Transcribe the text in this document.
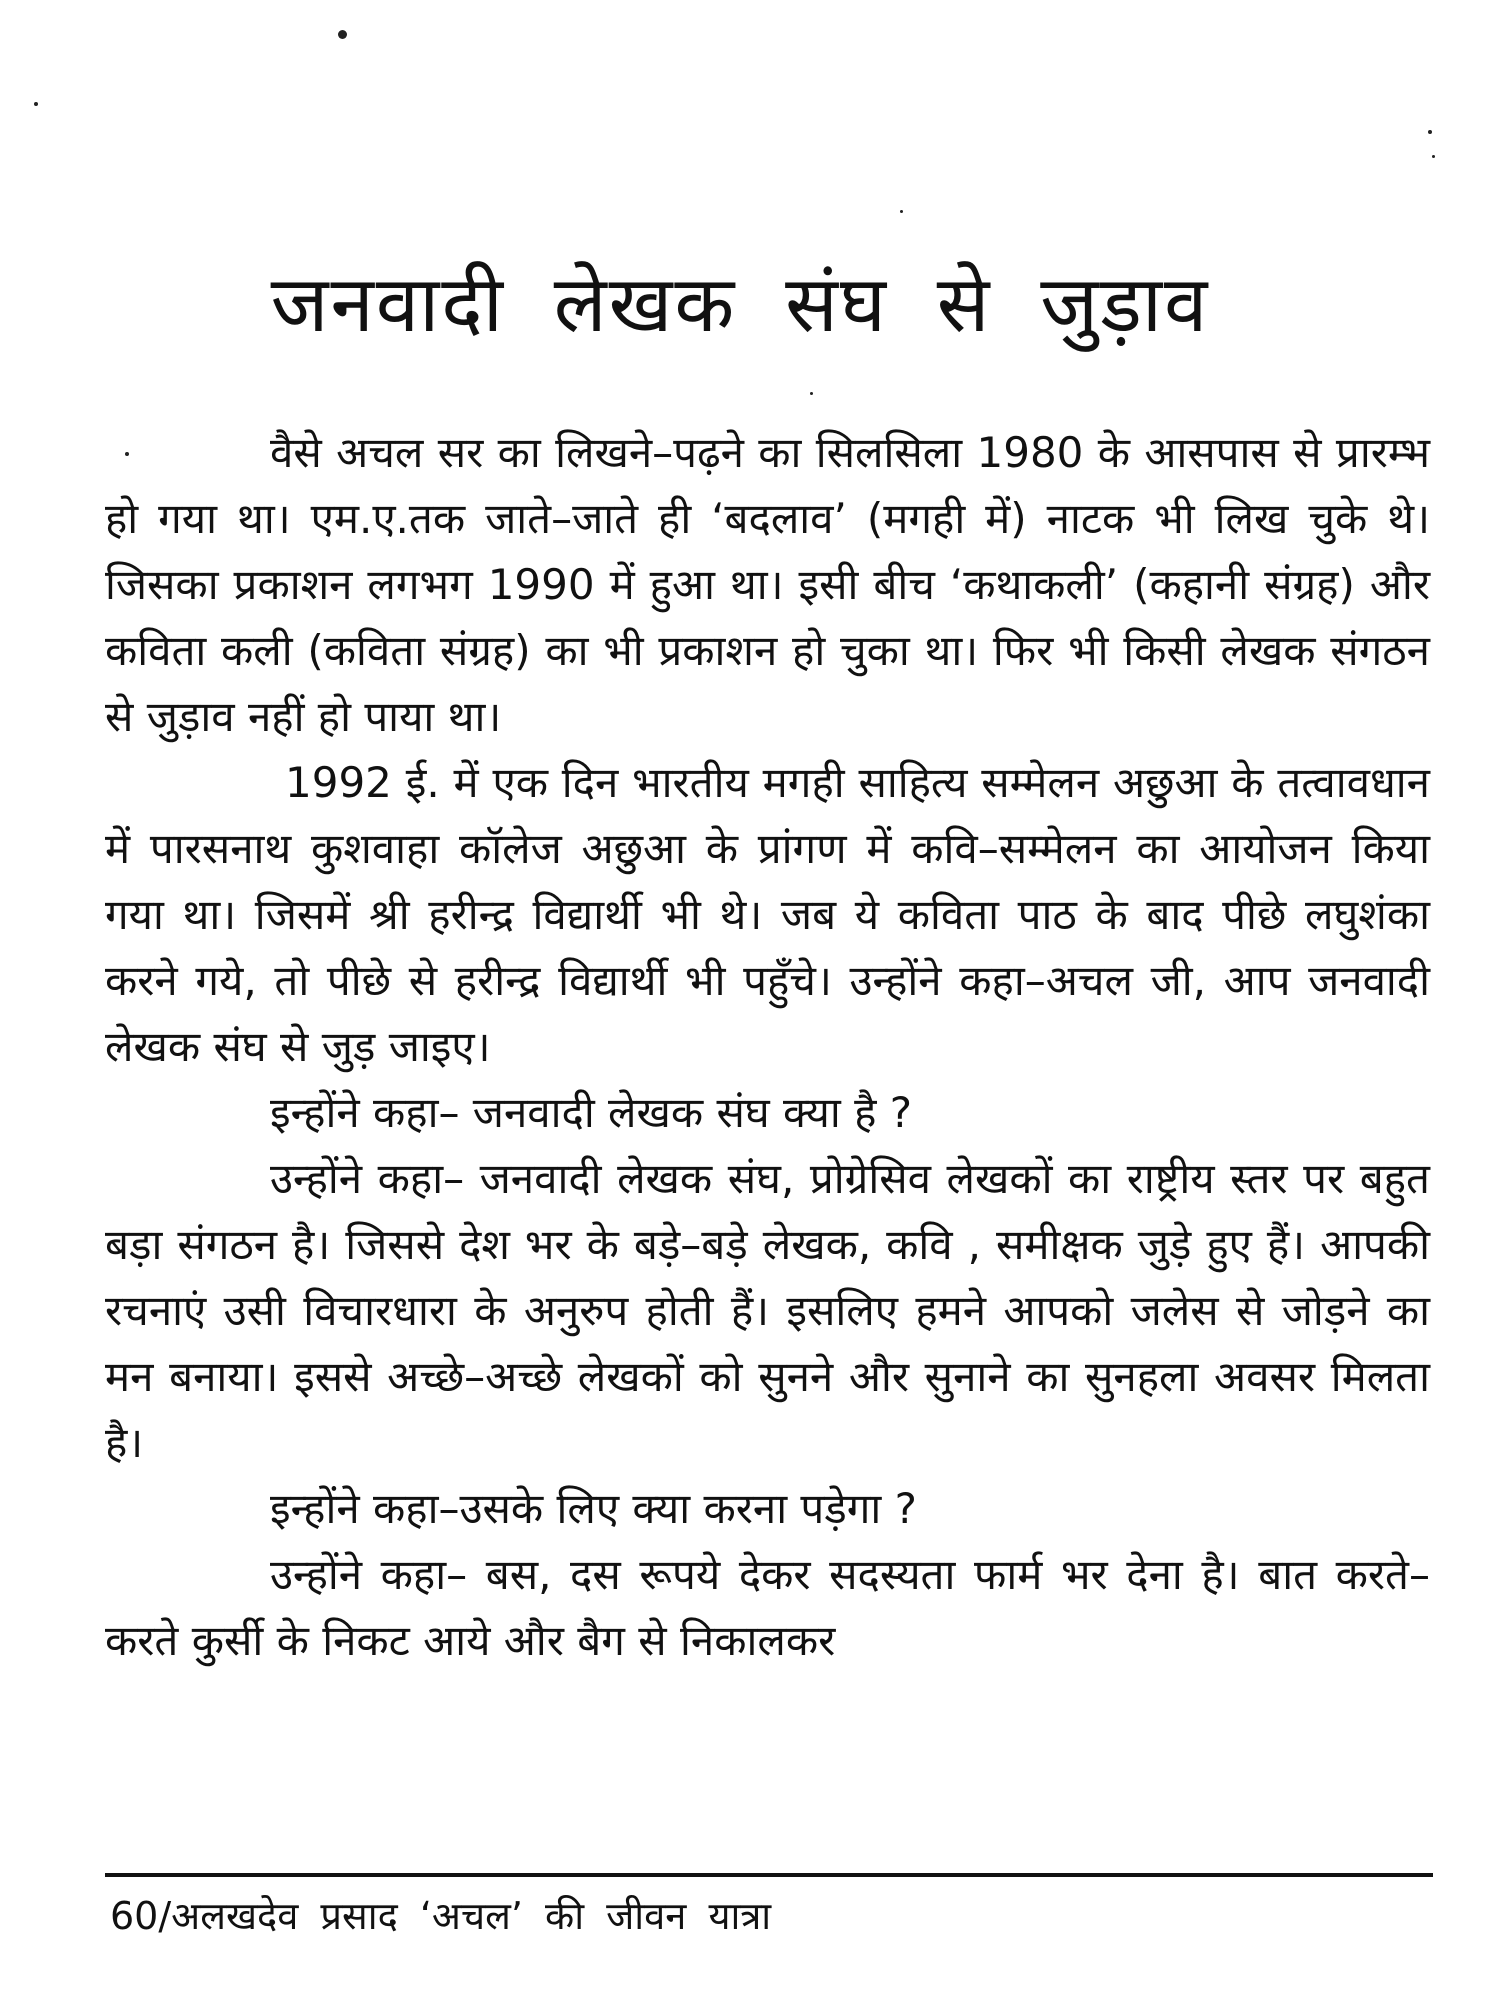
जनवादी लेखक संघ से जुड़ाव

वैसे अचल सर का लिखने–पढ़ने का सिलसिला 1980 के आसपास से प्रारम्भ हो गया था। एम.ए.तक जाते–जाते ही ‘बदलाव’ (मगही में) नाटक भी लिख चुके थे। जिसका प्रकाशन लगभग 1990 में हुआ था। इसी बीच ‘कथाकली’ (कहानी संग्रह) और कविता कली (कविता संग्रह) का भी प्रकाशन हो चुका था। फिर भी किसी लेखक संगठन से जुड़ाव नहीं हो पाया था।

1992 ई. में एक दिन भारतीय मगही साहित्य सम्मेलन अछुआ के तत्वावधान में पारसनाथ कुशवाहा कॉलेज अछुआ के प्रांगण में कवि–सम्मेलन का आयोजन किया गया था। जिसमें श्री हरीन्द्र विद्यार्थी भी थे। जब ये कविता पाठ के बाद पीछे लघुशंका करने गये, तो पीछे से हरीन्द्र विद्यार्थी भी पहुँचे। उन्होंने कहा–अचल जी, आप जनवादी लेखक संघ से जुड़ जाइए।

इन्होंने कहा– जनवादी लेखक संघ क्या है ?

उन्होंने कहा– जनवादी लेखक संघ, प्रोग्रेसिव लेखकों का राष्ट्रीय स्तर पर बहुत बड़ा संगठन है। जिससे देश भर के बड़े–बड़े लेखक, कवि , समीक्षक जुड़े हुए हैं। आपकी रचनाएं उसी विचारधारा के अनुरुप होती हैं। इसलिए हमने आपको जलेस से जोड़ने का मन बनाया। इससे अच्छे–अच्छे लेखकों को सुनने और सुनाने का सुनहला अवसर मिलता है।

इन्होंने कहा–उसके लिए क्या करना पड़ेगा ?

उन्होंने कहा– बस, दस रूपये देकर सदस्यता फार्म भर देना है। बात करते–करते कुर्सी के निकट आये और बैग से निकालकर

60/अलखदेव प्रसाद ‘अचल’ की जीवन यात्रा
